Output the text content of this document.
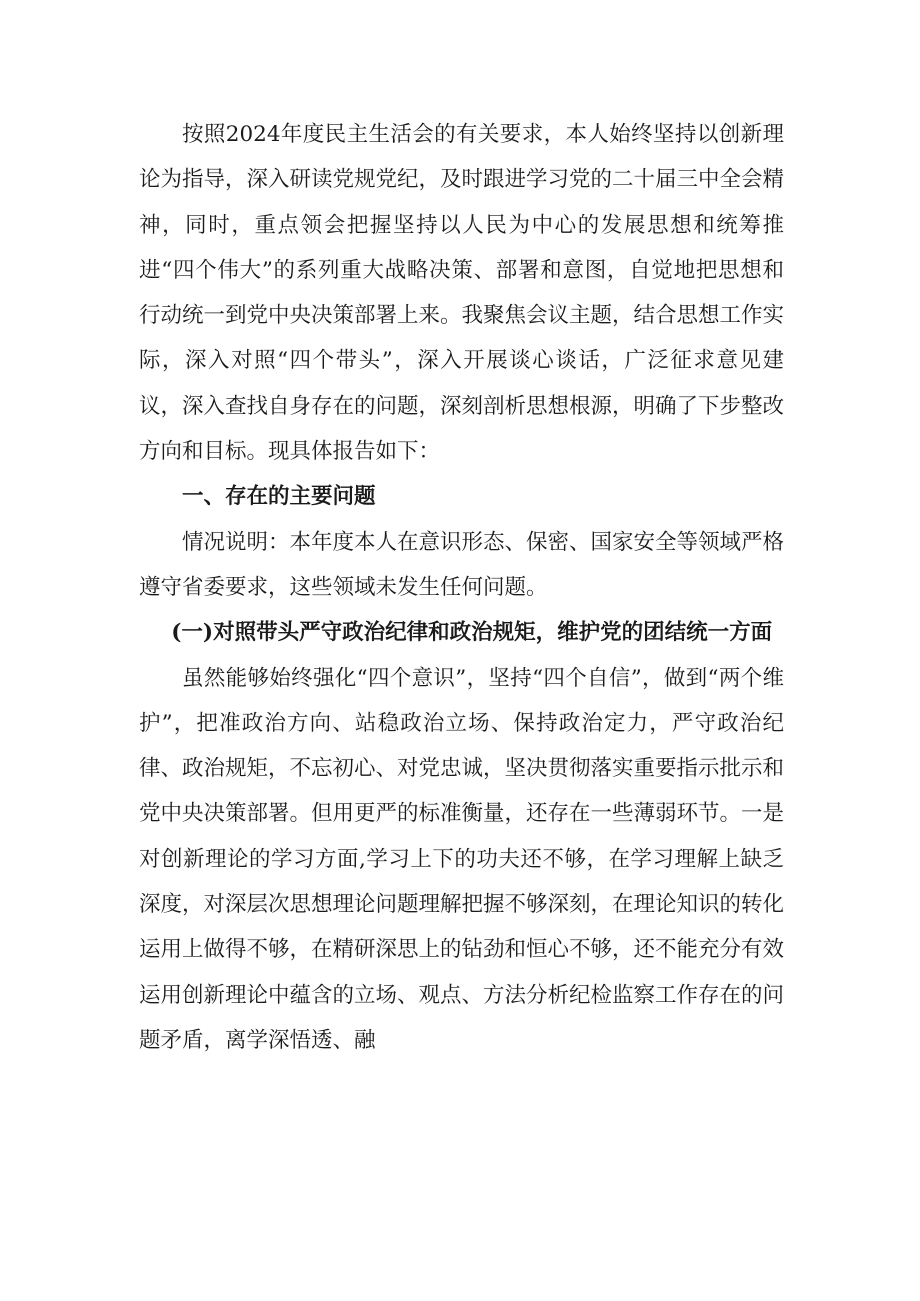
按照2024年度民主生活会的有关要求，本人始终坚持以创新理论为指导，深入研读党规党纪，及时跟进学习党的二十届三中全会精神，同时，重点领会把握坚持以人民为中心的发展思想和统筹推进“四个伟大”的系列重大战略决策、部署和意图，自觉地把思想和行动统一到党中央决策部署上来。我聚焦会议主题，结合思想工作实际，深入对照“四个带头”，深入开展谈心谈话，广泛征求意见建议，深入查找自身存在的问题，深刻剖析思想根源，明确了下步整改方向和目标。现具体报告如下：

一、存在的主要问题

情况说明：本年度本人在意识形态、保密、国家安全等领域严格遵守省委要求，这些领域未发生任何问题。

(一)对照带头严守政治纪律和政治规矩，维护党的团结统一方面

虽然能够始终强化“四个意识”，坚持“四个自信”，做到“两个维护”，把准政治方向、站稳政治立场、保持政治定力，严守政治纪律、政治规矩，不忘初心、对党忠诚，坚决贯彻落实重要指示批示和党中央决策部署。但用更严的标准衡量，还存在一些薄弱环节。一是对创新理论的学习方面,学习上下的功夫还不够，在学习理解上缺乏深度，对深层次思想理论问题理解把握不够深刻，在理论知识的转化运用上做得不够，在精研深思上的钻劲和恒心不够，还不能充分有效运用创新理论中蕴含的立场、观点、方法分析纪检监察工作存在的问题矛盾，离学深悟透、融
